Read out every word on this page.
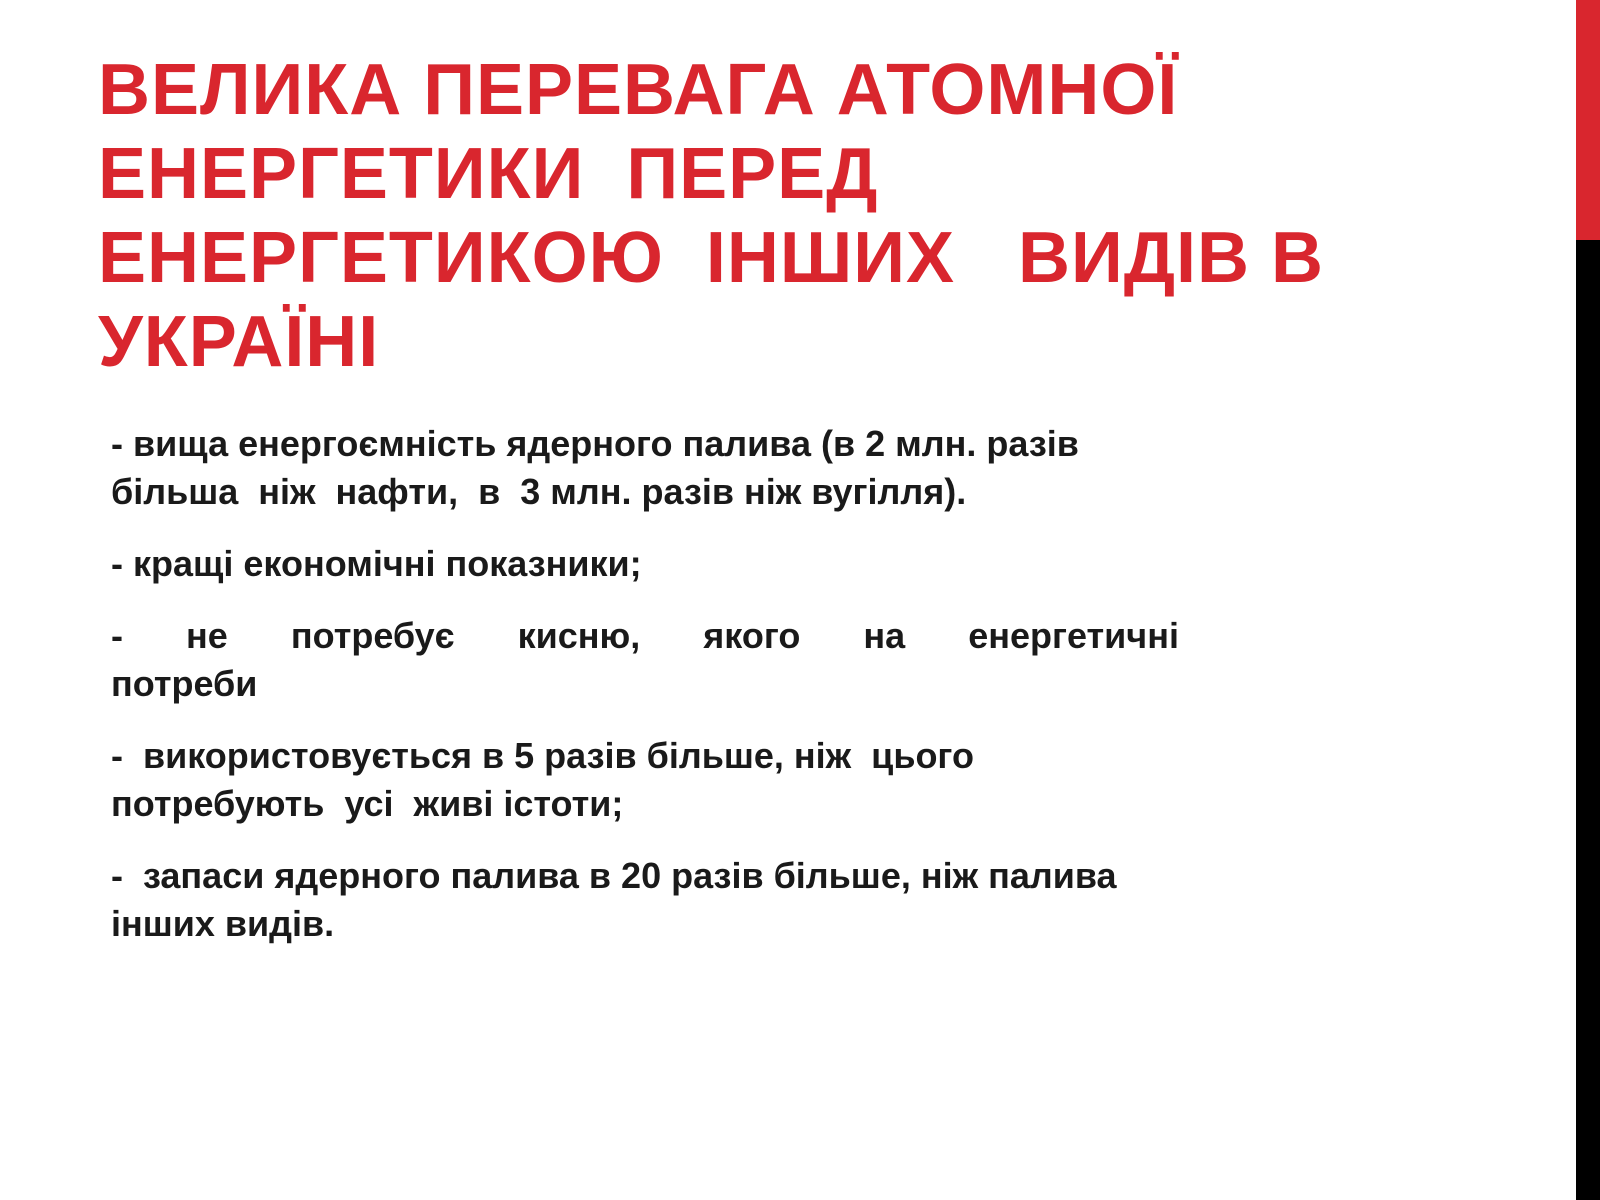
ВЕЛИКА ПЕРЕВАГА АТОМНОЇ
ЕНЕРГЕТИКИ  ПЕРЕД
ЕНЕРГЕТИКОЮ  ІНШИХ   ВИДІВ В
УКРАЇНІ
- вища енергоємність ядерного палива (в 2 млн. разів
більша  ніж  нафти,  в  3 млн. разів ніж вугілля).
- кращі економічні показники;
- не потребує кисню, якого на енергетичні
потреби
-  використовується в 5 разів більше, ніж  цього
потребують  усі  живі істоти;
-  запаси ядерного палива в 20 разів більше, ніж палива
інших видів.
